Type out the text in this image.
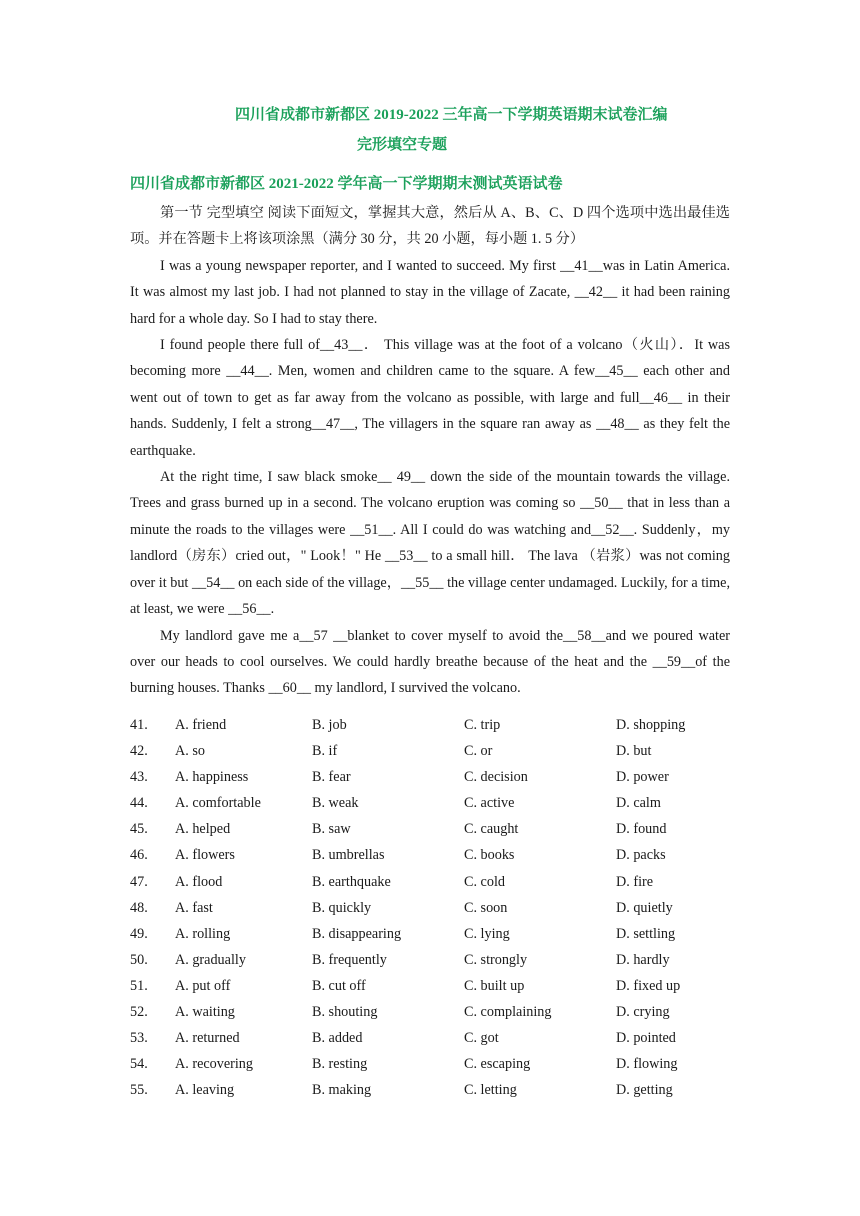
四川省成都市新都区 2019-2022 三年高一下学期英语期末试卷汇编
完形填空专题
四川省成都市新都区 2021-2022 学年高一下学期期末测试英语试卷

第一节 完型填空 阅读下面短文，掌握其大意，然后从 A、B、C、D 四个选项中选出最佳选项。并在答题卡上将该项涂黑（满分 30 分，共 20 小题，每小题 1. 5 分）

I was a young newspaper reporter, and I wanted to succeed. My first __41__was in Latin America. It was almost my last job. I had not planned to stay in the village of Zacate, __42__ it had been raining hard for a whole day. So I had to stay there.

I found people there full of__43__． This village was at the foot of a volcano（火山）．It was becoming more __44__. Men, women and children came to the square. A few__45__ each other and went out of town to get as far away from the volcano as possible, with large and full__46__ in their hands. Suddenly, I felt a strong__47__, The villagers in the square ran away as __48__ as they felt the earthquake.

At the right time, I saw black smoke__ 49__ down the side of the mountain towards the village. Trees and grass burned up in a second. The volcano eruption was coming so __50__ that in less than a minute the roads to the villages were __51__. All I could do was watching and__52__. Suddenly，my landlord（房东）cried out，" Look！" He __53__ to a small hill． The lava （岩浆）was not coming over it but __54__ on each side of the village，__55__ the village center undamaged. Luckily, for a time, at least, we were __56__.

My landlord gave me a__57 __blanket to cover myself to avoid the__58__and we poured water over our heads to cool ourselves. We could hardly breathe because of the heat and the __59__of the burning houses. Thanks __60__ my landlord, I survived the volcano.

41.	A. friend	B. job	C. trip	D. shopping
42.	A. so	B. if	C. or	D. but
43.	A. happiness	B. fear	C. decision	D. power
44.	A. comfortable	B. weak	C. active	D. calm
45.	A. helped	B. saw	C. caught	D. found
46.	A. flowers	B. umbrellas	C. books	D. packs
47.	A. flood	B. earthquake	C. cold	D. fire
48.	A. fast	B. quickly	C. soon	D. quietly
49.	A. rolling	B. disappearing	C. lying	D. settling
50.	A. gradually	B. frequently	C. strongly	D. hardly
51.	A. put off	B. cut off	C. built up	D. fixed up
52.	A. waiting	B. shouting	C. complaining	D. crying
53.	A. returned	B. added	C. got	D. pointed
54.	A. recovering	B. resting	C. escaping	D. flowing
55.	A. leaving	B. making	C. letting	D. getting
